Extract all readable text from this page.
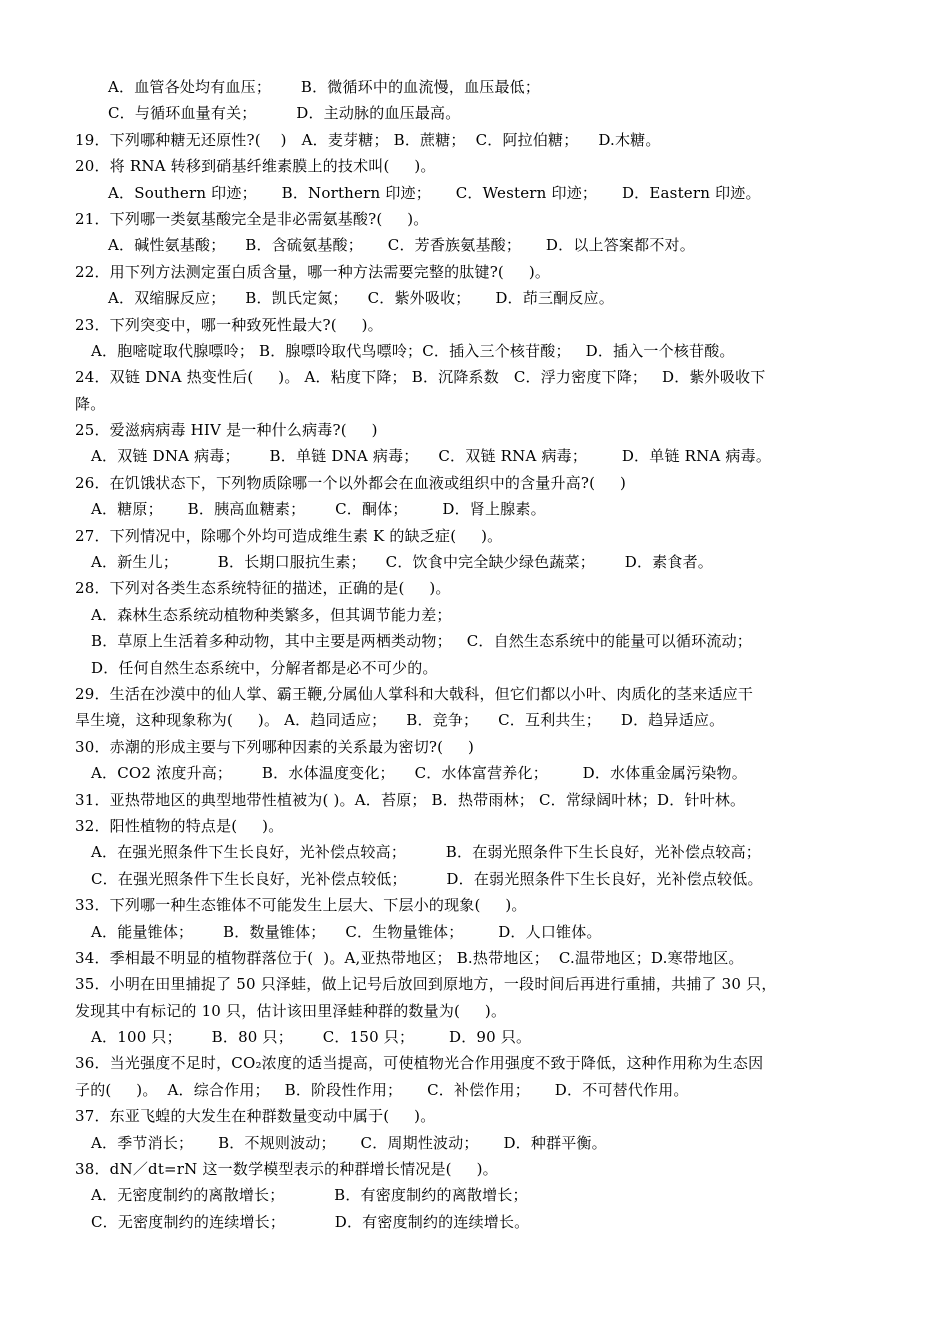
A．血管各处均有血压；      B．微循环中的血流慢，血压最低；
C．与循环血量有关；        D．主动脉的血压最高。
19．下列哪种糖无还原性?(    )   A．麦芽糖； B．蔗糖；  C．阿拉伯糖；    D.木糖。
20．将 RNA 转移到硝基纤维素膜上的技术叫(     )。
A．Southern 印迹；     B．Northern 印迹；     C．Western 印迹；     D．Eastern 印迹。
21．下列哪一类氨基酸完全是非必需氨基酸?(     )。
A．碱性氨基酸；    B．含硫氨基酸；     C．芳香族氨基酸；     D．以上答案都不对。
22．用下列方法测定蛋白质含量，哪一种方法需要完整的肽键?(     )。
A．双缩脲反应；    B．凯氏定氮；    C．紫外吸收；     D．茚三酮反应。
23．下列突变中，哪一种致死性最大?(     )。
A．胞嘧啶取代腺嘌呤； B．腺嘌呤取代鸟嘌呤；C．插入三个核苷酸；   D．插入一个核苷酸。
24．双链 DNA 热变性后(     )。 A．粘度下降； B．沉降系数   C．浮力密度下降；   D．紫外吸收下
降。
25．爱滋病病毒 HIV 是一种什么病毒?(     )
A．双链 DNA 病毒；      B．单链 DNA 病毒；    C．双链 RNA 病毒；       D．单链 RNA 病毒。
26．在饥饿状态下，下列物质除哪一个以外都会在血液或组织中的含量升高?(     )
A．糖原；     B．胰高血糖素；      C．酮体；       D．肾上腺素。
27．下列情况中，除哪个外均可造成维生素 K 的缺乏症(     )。
A．新生儿；        B．长期口服抗生素；    C．饮食中完全缺少绿色蔬菜；      D．素食者。
28．下列对各类生态系统特征的描述，正确的是(     )。
A．森林生态系统动植物种类繁多，但其调节能力差；
B．草原上生活着多种动物，其中主要是两栖类动物；   C．自然生态系统中的能量可以循环流动；
D．任何自然生态系统中，分解者都是必不可少的。
29．生活在沙漠中的仙人掌、霸王鞭,分属仙人掌科和大戟科，但它们都以小叶、肉质化的茎来适应干
旱生境，这种现象称为(     )。 A．趋同适应；    B．竞争；    C．互利共生；    D．趋异适应。
30．赤潮的形成主要与下列哪种因素的关系最为密切?(     )
A．CO2 浓度升高；      B．水体温度变化；    C．水体富营养化；       D．水体重金属污染物。
31．亚热带地区的典型地带性植被为( )。A．苔原； B．热带雨林； C．常绿阔叶林；D．针叶林。
32．阳性植物的特点是(     )。
A．在强光照条件下生长良好，光补偿点较高；        B．在弱光照条件下生长良好，光补偿点较高；
C．在强光照条件下生长良好，光补偿点较低；        D．在弱光照条件下生长良好，光补偿点较低。
33．下列哪一种生态锥体不可能发生上层大、下层小的现象(     )。
A．能量锥体；      B．数量锥体；    C．生物量锥体；       D．人口锥体。
34．季相最不明显的植物群落位于(  )。A,亚热带地区； B.热带地区；  C.温带地区；D.寒带地区。
35．小明在田里捕捉了 50 只泽蛙，做上记号后放回到原地方，一段时间后再进行重捕，共捕了 30 只，
发现其中有标记的 10 只，估计该田里泽蛙种群的数量为(     )。
A．100 只；      B．80 只；      C．150 只；       D．90 只。
36．当光强度不足时，CO₂浓度的适当提高，可使植物光合作用强度不致于降低，这种作用称为生态因
子的(     )。  A．综合作用；   B．阶段性作用；     C．补偿作用；     D．不可替代作用。
37．东亚飞蝗的大发生在种群数量变动中属于(     )。
A．季节消长；     B．不规则波动；     C．周期性波动；     D．种群平衡。
38．dN／dt=rN 这一数学模型表示的种群增长情况是(     )。
A．无密度制约的离散增长；          B．有密度制约的离散增长；
C．无密度制约的连续增长；          D．有密度制约的连续增长。
